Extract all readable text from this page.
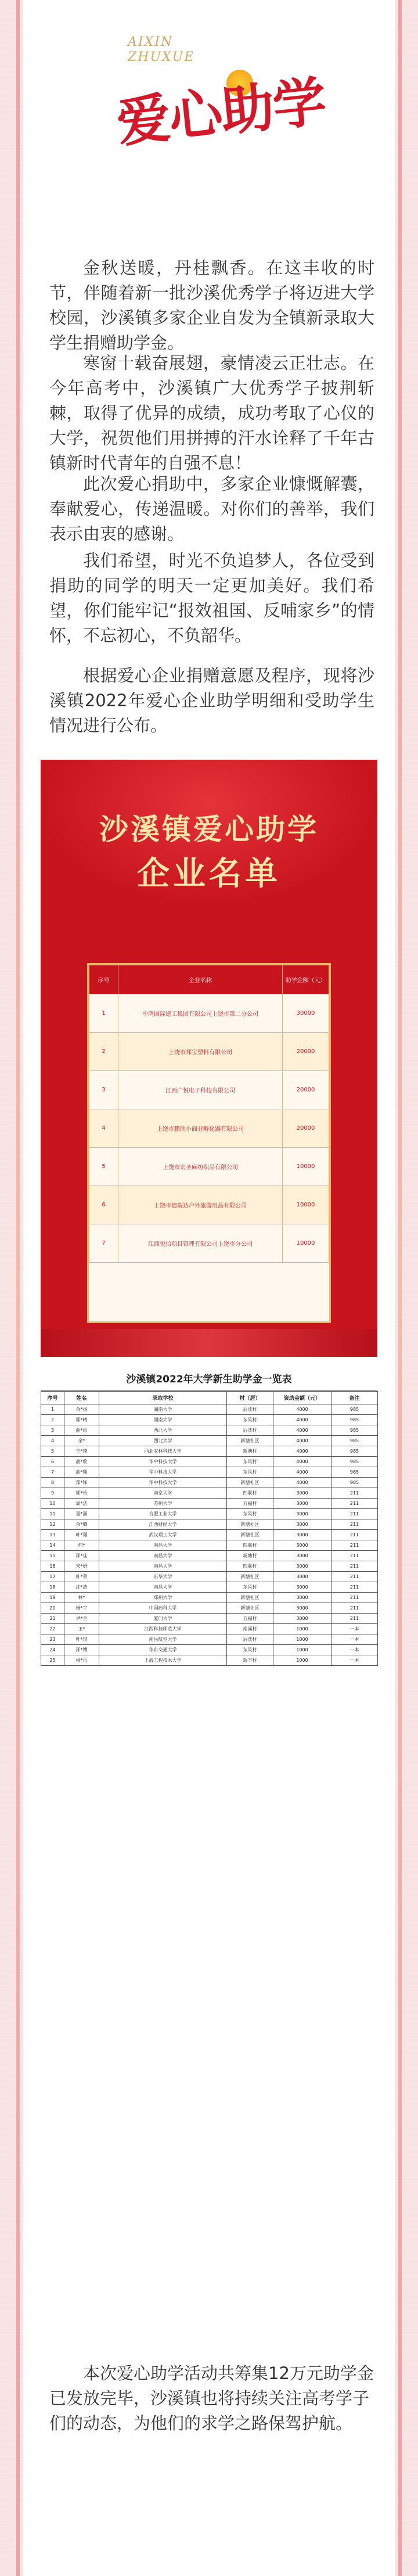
AIXIN
ZHUXUE
爱心助学

金秋送暖，丹桂飘香。在这丰收的时节，伴随着新一批沙溪优秀学子将迈进大学校园，沙溪镇多家企业自发为全镇新录取大学生捐赠助学金。

寒窗十载奋展翅，豪情凌云正壮志。在今年高考中，沙溪镇广大优秀学子披荆斩棘，取得了优异的成绩，成功考取了心仪的大学，祝贺他们用拼搏的汗水诠释了千年古镇新时代青年的自强不息！

此次爱心捐助中，多家企业慷慨解囊，奉献爱心，传递温暖。对你们的善举，我们表示由衷的感谢。

我们希望，时光不负追梦人，各位受到捐助的同学的明天一定更加美好。我们希望，你们能牢记“报效祖国、反哺家乡”的情怀，不忘初心，不负韶华。

根据爱心企业捐赠意愿及程序，现将沙溪镇2022年爱心企业助学明细和受助学生情况进行公布。

沙溪镇爱心助学
企业名单
序号	企业名称	助学金额（元）
1	中鸿国际建工集团有限公司上饶市第二分公司	30000
2	上饶市邦宝塑料有限公司	20000
3	江西广悦电子科技有限公司	20000
4	上饶市鹏欣小商业孵化器有限公司	20000
5	上饶市宏圣麻纺织品有限公司	10000
6	上饶市德瑞达户外旅游用品有限公司	10000
7	江西悦信项目管理有限公司上饶市分公司	10000
沙溪镇2022年大学新生助学金一览表
序号	姓名	录取学校	村（居）	资助金额（元）	备注
1	余*扬	湖南大学	后沈村	4000	985
2	鄢*晴	湖南大学	东风村	4000	985
3	俞*彤	西北大学	后沈村	4000	985
4	余*	西北大学	新塘社区	4000	985
5	王*琦	西北农林科技大学	新塘村	4000	985
6	俞*欣	华中科技大学	东风村	4000	985
7	俞*翔	华中科技大学	东风村	4000	985
8	郑*锋	华中科技大学	新塘社区	4000	985
9	郭*怡	南京大学	四联村	3000	211
10	周*洁	苏州大学	五福村	3000	211
11	夏*涵	合肥工业大学	东风村	3000	211
12	余*卿	江西财经大学	新塘社区	3000	211
13	叶*翔	武汉理工大学	新塘社区	3000	211
14	何*	南昌大学	四联村	3000	211
15	邵*佳	南昌大学	新塘村	3000	211
16	宋*妍	南昌大学	四联村	3000	211
17	叶*荣	东华大学	新塘社区	3000	211
18	汪*浩	南昌大学	东风村	3000	211
19	林*	郑州大学	新塘社区	3000	211
20	杨*宇	中国药科大学	新塘社区	3000	211
21	尹*兰	厦门大学	五福村	3000	211
22	王*	江西科技师范大学	南溪村	1000	一本
23	叶*琪	南昌航空大学	后沈村	1000	一本
24	邵*博	华东交通大学	东风村	1000	一本
25	杨*乐	上海工程技术大学	瑞丰村	1000	一本

本次爱心助学活动共筹集12万元助学金已发放完毕，沙溪镇也将持续关注高考学子们的动态，为他们的求学之路保驾护航。
